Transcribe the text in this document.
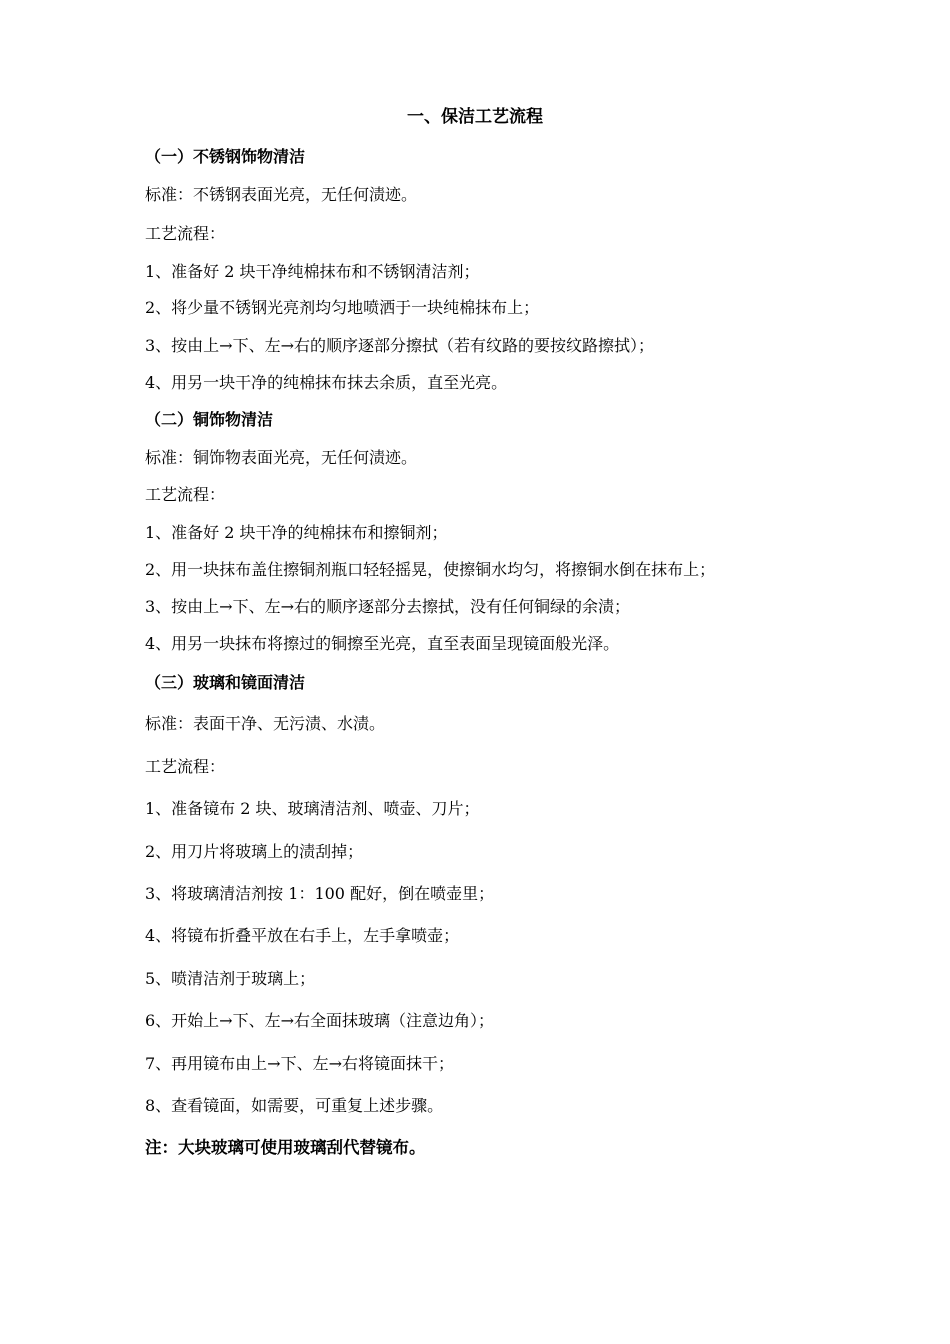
一、保洁工艺流程
（一）不锈钢饰物清洁
标准：不锈钢表面光亮，无任何渍迹。
工艺流程：
1、准备好 2 块干净纯棉抹布和不锈钢清洁剂；
2、将少量不锈钢光亮剂均匀地喷洒于一块纯棉抹布上；
3、按由上→下、左→右的顺序逐部分擦拭（若有纹路的要按纹路擦拭）；
4、用另一块干净的纯棉抹布抹去余质，直至光亮。
（二）铜饰物清洁
标准：铜饰物表面光亮，无任何渍迹。
工艺流程：
1、准备好 2 块干净的纯棉抹布和擦铜剂；
2、用一块抹布盖住擦铜剂瓶口轻轻摇晃，使擦铜水均匀，将擦铜水倒在抹布上；
3、按由上→下、左→右的顺序逐部分去擦拭，没有任何铜绿的余渍；
4、用另一块抹布将擦过的铜擦至光亮，直至表面呈现镜面般光泽。
（三）玻璃和镜面清洁
标准：表面干净、无污渍、水渍。
工艺流程：
1、准备镜布 2 块、玻璃清洁剂、喷壶、刀片；
2、用刀片将玻璃上的渍刮掉；
3、将玻璃清洁剂按 1：100 配好，倒在喷壶里；
4、将镜布折叠平放在右手上，左手拿喷壶；
5、喷清洁剂于玻璃上；
6、开始上→下、左→右全面抹玻璃（注意边角）；
7、再用镜布由上→下、左→右将镜面抹干；
8、查看镜面，如需要，可重复上述步骤。
注：大块玻璃可使用玻璃刮代替镜布。
